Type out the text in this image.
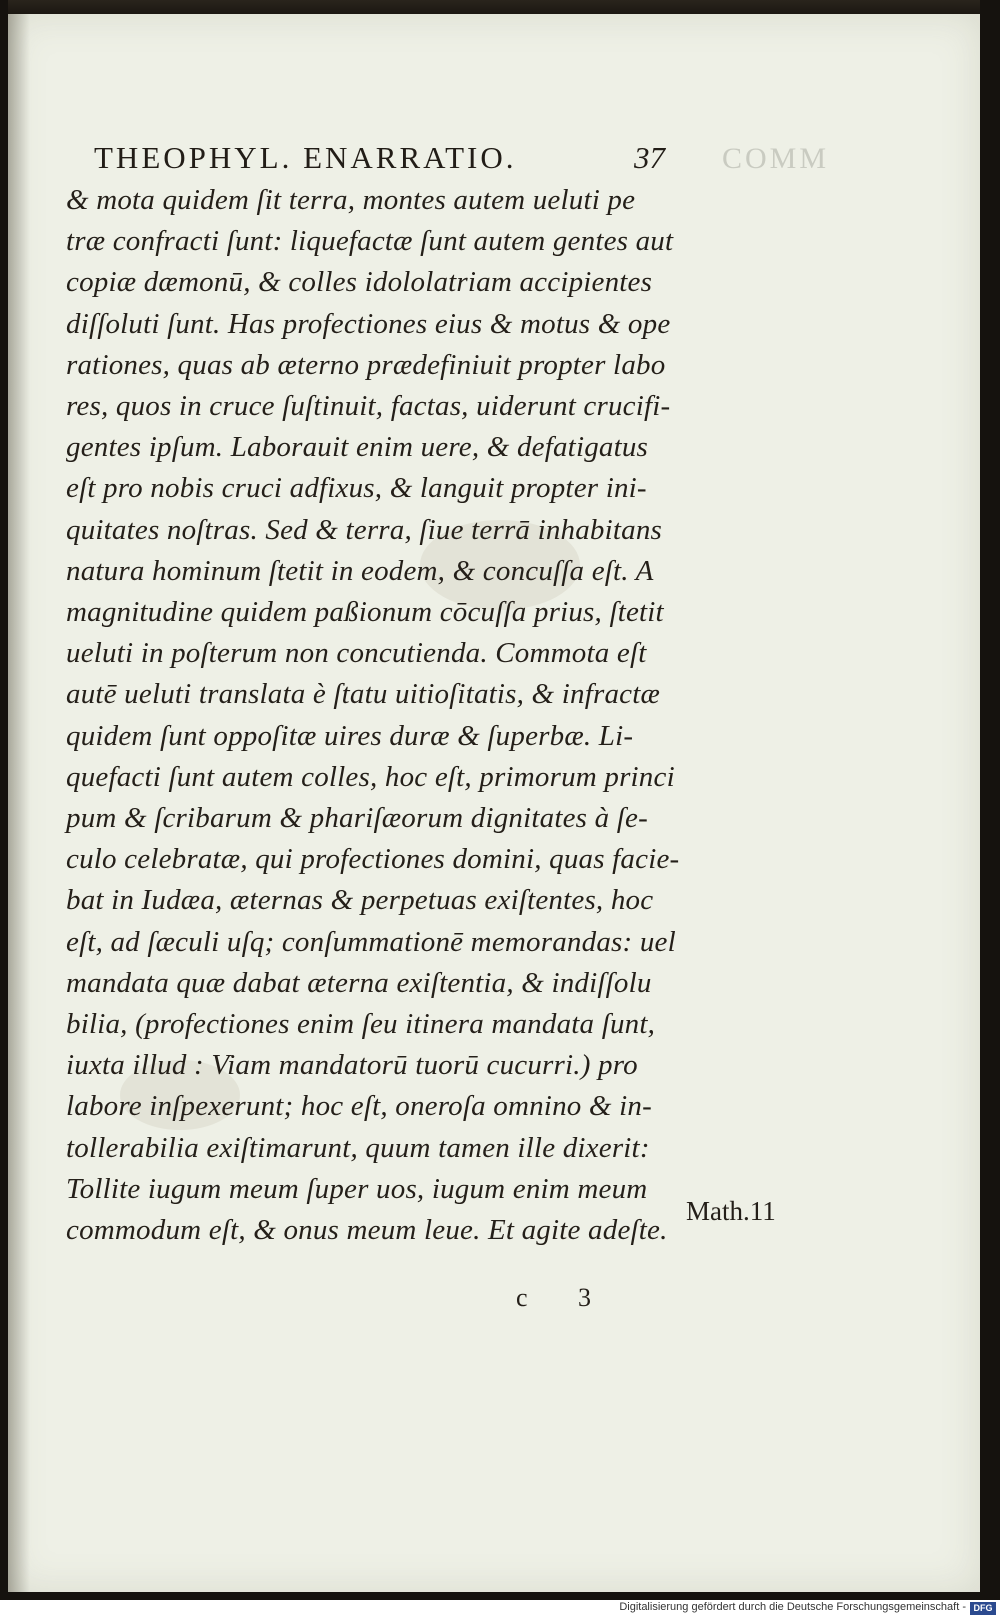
COMM
THEOPHYL. ENARRATIO.	37
& mota quidem ſit terra, montes autem ueluti pe
træ confracti ſunt: liquefactæ ſunt autem gentes aut
copiæ dæmonū, & colles idololatriam accipientes
diſſoluti ſunt. Has profectiones eius & motus & ope
rationes, quas ab æterno prædefiniuit propter labo
res, quos in cruce ſuſtinuit, factas, uiderunt crucifi-
gentes ipſum. Laborauit enim uere, & defatigatus
eſt pro nobis cruci adfixus, & languit propter ini-
quitates noſtras. Sed & terra, ſiue terrā inhabitans
natura hominum ſtetit in eodem, & concuſſa eſt. A
magnitudine quidem paßionum cōcuſſa prius, ſtetit
ueluti in poſterum non concutienda. Commota eſt
autē ueluti translata è ſtatu uitioſitatis, & infractæ
quidem ſunt oppoſitæ uires duræ & ſuperbæ. Li-
quefacti ſunt autem colles, hoc eſt, primorum princi
pum & ſcribarum & phariſæorum dignitates à ſe-
culo celebratæ, qui profectiones domini, quas facie-
bat in Iudæa, æternas & perpetuas exiſtentes, hoc
eſt, ad ſæculi uſq; conſummationē memorandas: uel
mandata quæ dabat æterna exiſtentia, & indiſſolu
bilia, (profectiones enim ſeu itinera mandata ſunt,
iuxta illud : Viam mandatorū tuorū cucurri.) pro
labore inſpexerunt; hoc eſt, oneroſa omnino & in-
tollerabilia exiſtimarunt, quum tamen ille dixerit:
Tollite iugum meum ſuper uos, iugum enim meum
commodum eſt, & onus meum leue. Et agite adeſte.
Math.11
c 3
Digitalisierung gefördert durch die Deutsche Forschungsgemeinschaft - DFG
